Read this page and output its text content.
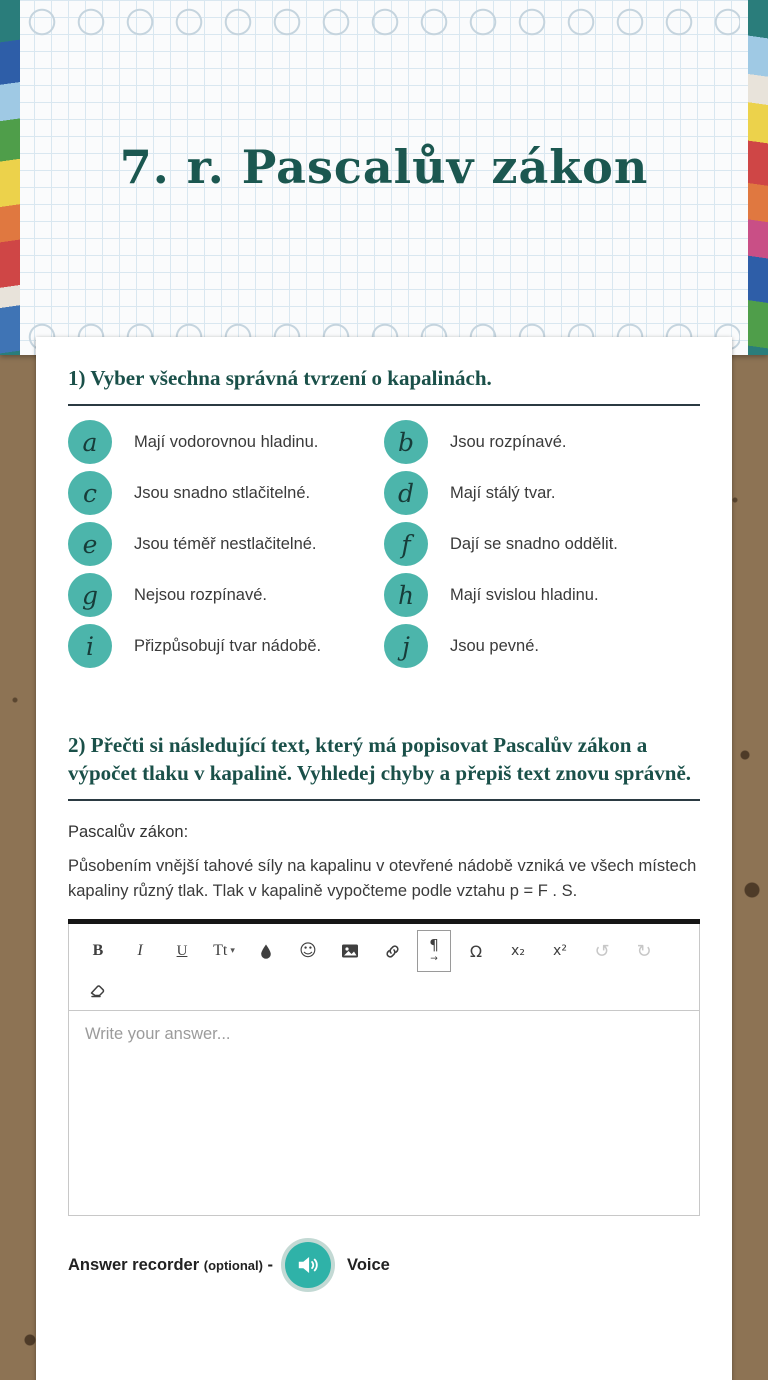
7. r. Pascalův zákon
1) Vyber všechna správná tvrzení o kapalinách.
a Mají vodorovnou hladinu.	b Jsou rozpínavé.
c Jsou snadno stlačitelné.	d Mají stálý tvar.
e Jsou téměř nestlačitelné.	f Dají se snadno oddělit.
g Nejsou rozpínavé.	h Mají svislou hladinu.
i Přizpůsobují tvar nádobě.	j Jsou pevné.
2) Přečti si následující text, který má popisovat Pascalův zákon a výpočet tlaku v kapalině. Vyhledej chyby a přepiš text znovu správně.

Pascalův zákon:

Působením vnější tahové síly na kapalinu v otevřené nádobě vzniká ve všech místech kapaliny různý tlak. Tlak v kapalině vypočteme podle vztahu p = F . S.

B	I	U	Tt ▾	☺	¶
→	Ω	x₂	x²	↺	↻
Write your answer...
Answer recorder (optional) -	Voice
